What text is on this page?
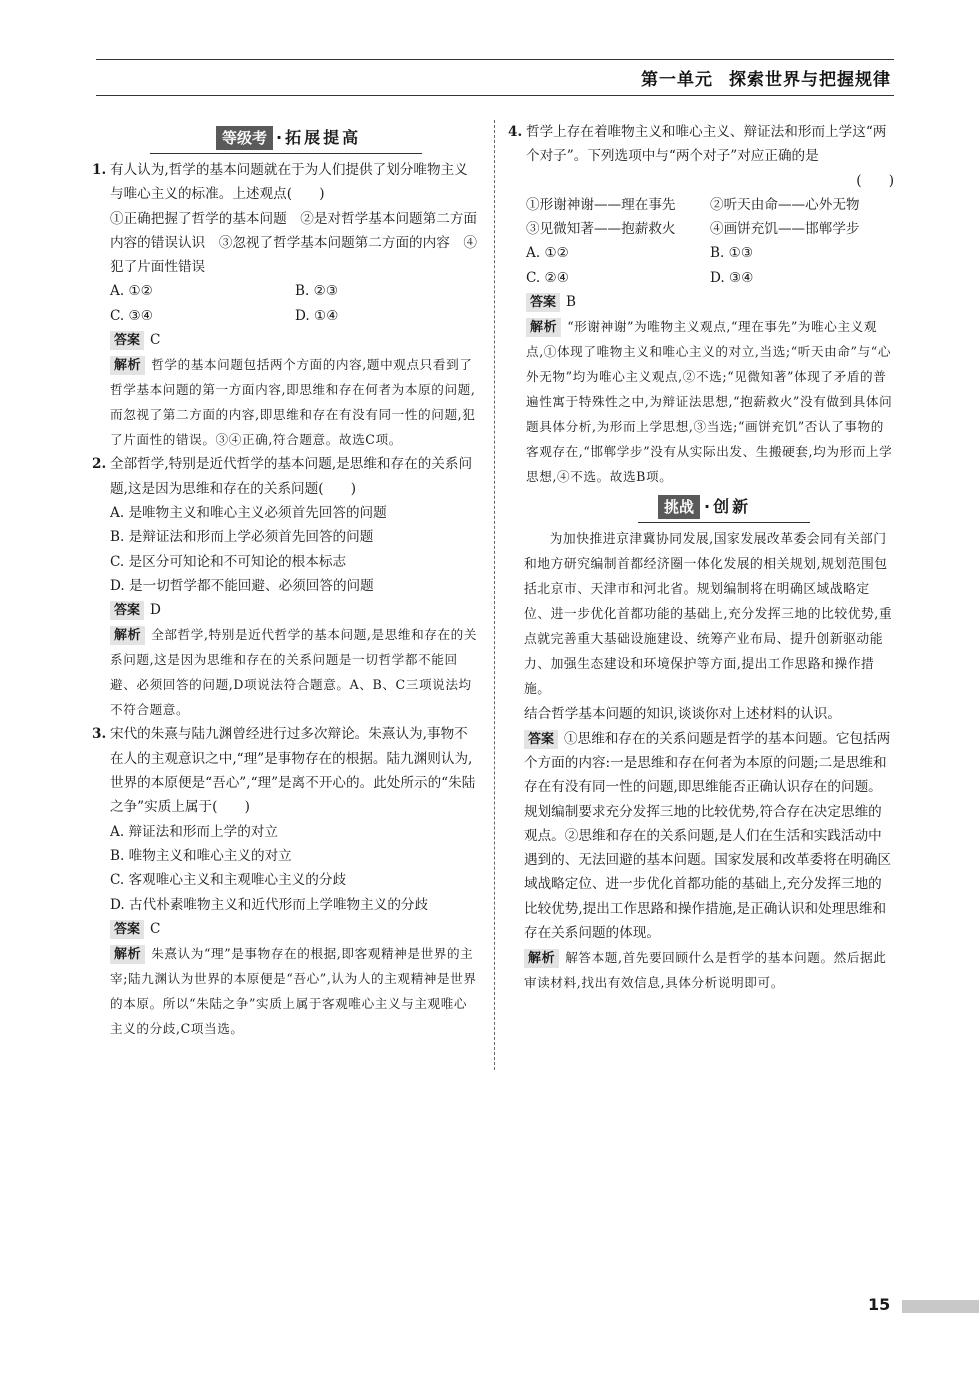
第一单元 探索世界与把握规律
等级考 ·拓展提高
1. 有人认为,哲学的基本问题就在于为人们提供了划分唯物主义与唯心主义的标准。上述观点(　　)
①正确把握了哲学的基本问题　②是对哲学基本问题第二方面内容的错误认识　③忽视了哲学基本问题第二方面的内容　④犯了片面性错误
A. ①②	B. ②③
C. ③④	D. ①④
答案 C
解析 哲学的基本问题包括两个方面的内容,题中观点只看到了哲学基本问题的第一方面内容,即思维和存在何者为本原的问题,而忽视了第二方面的内容,即思维和存在有没有同一性的问题,犯了片面性的错误。③④正确,符合题意。故选C项。
2. 全部哲学,特别是近代哲学的基本问题,是思维和存在的关系问题,这是因为思维和存在的关系问题(　　)
A. 是唯物主义和唯心主义必须首先回答的问题
B. 是辩证法和形而上学必须首先回答的问题
C. 是区分可知论和不可知论的根本标志
D. 是一切哲学都不能回避、必须回答的问题
答案 D
解析 全部哲学,特别是近代哲学的基本问题,是思维和存在的关系问题,这是因为思维和存在的关系问题是一切哲学都不能回避、必须回答的问题,D项说法符合题意。A、B、C三项说法均不符合题意。
3. 宋代的朱熹与陆九渊曾经进行过多次辩论。朱熹认为,事物不在人的主观意识之中,“理”是事物存在的根据。陆九渊则认为,世界的本原便是“吾心”,“理”是离不开心的。此处所示的“朱陆之争”实质上属于(　　)
A. 辩证法和形而上学的对立
B. 唯物主义和唯心主义的对立
C. 客观唯心主义和主观唯心主义的分歧
D. 古代朴素唯物主义和近代形而上学唯物主义的分歧
答案 C
解析 朱熹认为“理”是事物存在的根据,即客观精神是世界的主宰;陆九渊认为世界的本原便是“吾心”,认为人的主观精神是世界的本原。所以“朱陆之争”实质上属于客观唯心主义与主观唯心主义的分歧,C项当选。
4. 哲学上存在着唯物主义和唯心主义、辩证法和形而上学这“两个对子”。下列选项中与“两个对子”对应正确的是
(　　)
①形谢神谢——理在事先	②听天由命——心外无物
③见微知著——抱薪救火	④画饼充饥——邯郸学步
A. ①②	B. ①③
C. ②④	D. ③④
答案 B
解析 “形谢神谢”为唯物主义观点,“理在事先”为唯心主义观点,①体现了唯物主义和唯心主义的对立,当选;“听天由命”与“心外无物”均为唯心主义观点,②不选;“见微知著”体现了矛盾的普遍性寓于特殊性之中,为辩证法思想,“抱薪救火”没有做到具体问题具体分析,为形而上学思想,③当选;“画饼充饥”否认了事物的客观存在,“邯郸学步”没有从实际出发、生搬硬套,均为形而上学思想,④不选。故选B项。
挑战 ·创新
为加快推进京津冀协同发展,国家发展改革委会同有关部门和地方研究编制首都经济圈一体化发展的相关规划,规划范围包括北京市、天津市和河北省。规划编制将在明确区域战略定位、进一步优化首都功能的基础上,充分发挥三地的比较优势,重点就完善重大基础设施建设、统筹产业布局、提升创新驱动能力、加强生态建设和环境保护等方面,提出工作思路和操作措施。
结合哲学基本问题的知识,谈谈你对上述材料的认识。
答案 ①思维和存在的关系问题是哲学的基本问题。它包括两个方面的内容:一是思维和存在何者为本原的问题;二是思维和存在有没有同一性的问题,即思维能否正确认识存在的问题。规划编制要求充分发挥三地的比较优势,符合存在决定思维的观点。②思维和存在的关系问题,是人们在生活和实践活动中遇到的、无法回避的基本问题。国家发展和改革委将在明确区域战略定位、进一步优化首都功能的基础上,充分发挥三地的比较优势,提出工作思路和操作措施,是正确认识和处理思维和存在关系问题的体现。
解析 解答本题,首先要回顾什么是哲学的基本问题。然后据此审读材料,找出有效信息,具体分析说明即可。
15
